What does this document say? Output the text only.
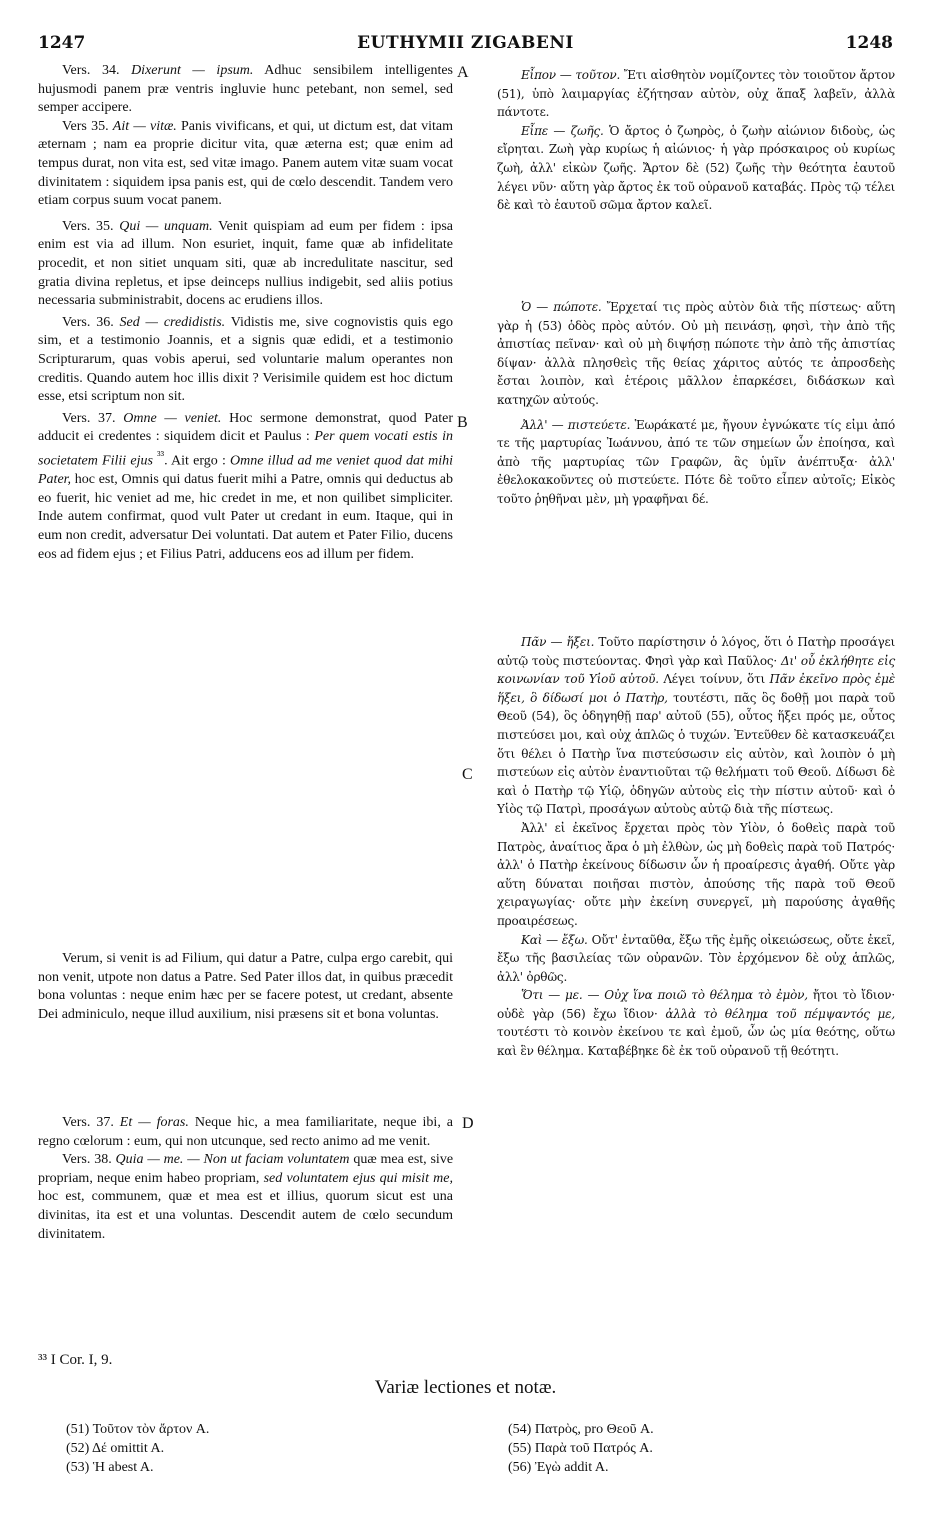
1247	EUTHYMII ZIGABENI	1248

Vers. 34. Dixerunt — ipsum. Adhuc sensibilem intelligentes hujusmodi panem præ ventris ingluvie hunc petebant, non semel, sed semper accipere.

Vers 35. Ait — vitæ. Panis vivificans, et qui, ut dictum est, dat vitam æternam ; nam ea proprie dicitur vita, quæ æterna est; quæ enim ad tempus durat, non vita est, sed vitæ imago. Panem autem vitæ suam vocat divinitatem : siquidem ipsa panis est, qui de cœlo descendit. Tandem vero etiam corpus suum vocat panem.

Vers. 35. Qui — unquam. Venit quispiam ad eum per fidem : ipsa enim est via ad illum. Non esuriet, inquit, fame quæ ab infidelitate procedit, et non sitiet unquam siti, quæ ab incredulitate nascitur, sed gratia divina repletus, et ipse deinceps nullius indigebit, sed aliis potius necessaria subministrabit, docens ac erudiens illos.

Vers. 36. Sed — credidistis. Vidistis me, sive cognovistis quis ego sim, et a testimonio Joannis, et a signis quæ edidi, et a testimonio Scripturarum, quas vobis aperui, sed voluntarie malum operantes non creditis. Quando autem hoc illis dixit ? Verisimile quidem est hoc dictum esse, etsi scriptum non sit.

Vers. 37. Omne — veniet. Hoc sermone demonstrat, quod Pater adducit ei credentes : siquidem dicit et Paulus : Per quem vocati estis in societatem Filii ejus $^{^{33}}$. Ait ergo : Omne illud ad me veniet quod dat mihi Pater, hoc est, Omnis qui datus fuerit mihi a Patre, omnis qui deductus ab eo fuerit, hic veniet ad me, hic credet in me, et non quilibet simpliciter. Inde autem confirmat, quod vult Pater ut credant in eum. Itaque, qui in eum non credit, adversatur Dei voluntati. Dat autem et Pater Filio, ducens eos ad fidem ejus ; et Filius Patri, adducens eos ad illum per fidem.

Verum, si venit is ad Filium, qui datur a Patre, culpa ergo carebit, qui non venit, utpote non datus a Patre. Sed Pater illos dat, in quibus præcedit bona voluntas : neque enim hæc per se facere potest, ut credant, absente Dei adminiculo, neque illud auxilium, nisi præsens sit et bona voluntas.

Vers. 37. Et — foras. Neque hic, a mea familiaritate, neque ibi, a regno cœlorum : eum, qui non utcunque, sed recto animo ad me venit.

Vers. 38. Quia — me. — Non ut faciam voluntatem quæ mea est, sive propriam, neque enim habeo propriam, sed voluntatem ejus qui misit me, hoc est, communem, quæ et mea est et illius, quorum sicut est una divinitas, ita est et una voluntas. Descendit autem de cœlo secundum divinitatem.

Εἶπον — τοῦτον. Ἔτι αἰσθητὸν νομίζοντες τὸν τοιοῦτον ἄρτον (51), ὑπὸ λαιμαργίας ἐζήτησαν αὐτὸν, οὐχ ἅπαξ λαβεῖν, ἀλλὰ πάντοτε.

Εἶπε — ζωῆς. Ὁ ἄρτος ὁ ζωηρὸς, ὁ ζωὴν αἰώνιον διδοὺς, ὡς εἴρηται. Ζωὴ γὰρ κυρίως ἡ αἰώνιος· ἡ γὰρ πρόσκαιρος οὐ κυρίως ζωὴ, ἀλλ' εἰκὼν ζωῆς. Ἄρτον δὲ (52) ζωῆς τὴν θεότητα ἑαυτοῦ λέγει νῦν· αὕτη γὰρ ἄρτος ἐκ τοῦ οὐρανοῦ καταβάς. Πρὸς τῷ τέλει δὲ καὶ τὸ ἑαυτοῦ σῶμα ἄρτον καλεῖ.

Ὁ — πώποτε. Ἔρχεταί τις πρὸς αὐτὸν διὰ τῆς πίστεως· αὕτη γὰρ ἡ (53) ὁδὸς πρὸς αὐτόν. Οὐ μὴ πεινάσῃ, φησὶ, τὴν ἀπὸ τῆς ἀπιστίας πεῖναν· καὶ οὐ μὴ διψήσῃ πώποτε τὴν ἀπὸ τῆς ἀπιστίας δίψαν· ἀλλὰ πλησθεὶς τῆς θείας χάριτος αὐτός τε ἀπροσδεὴς ἔσται λοιπὸν, καὶ ἑτέροις μᾶλλον ἐπαρκέσει, διδάσκων καὶ κατηχῶν αὐτούς.

Ἀλλ' — πιστεύετε. Ἑωράκατέ με, ἤγουν ἐγνώκατε τίς εἰμι ἀπό τε τῆς μαρτυρίας Ἰωάννου, ἀπό τε τῶν σημείων ὧν ἐποίησα, καὶ ἀπὸ τῆς μαρτυρίας τῶν Γραφῶν, ἃς ὑμῖν ἀνέπτυξα· ἀλλ' ἐθελοκακοῦντες οὐ πιστεύετε. Πότε δὲ τοῦτο εἶπεν αὐτοῖς; Εἰκὸς τοῦτο ῥηθῆναι μὲν, μὴ γραφῆναι δέ.

Πᾶν — ἥξει. Τοῦτο παρίστησιν ὁ λόγος, ὅτι ὁ Πατὴρ προσάγει αὐτῷ τοὺς πιστεύοντας. Φησὶ γὰρ καὶ Παῦλος· Δι' οὗ ἐκλήθητε εἰς κοινωνίαν τοῦ Υἱοῦ αὐτοῦ. Λέγει τοίνυν, ὅτι Πᾶν ἐκεῖνο πρὸς ἐμὲ ἥξει, ὃ δίδωσί μοι ὁ Πατὴρ, τουτέστι, πᾶς ὃς δοθῇ μοι παρὰ τοῦ Θεοῦ (54), ὃς ὁδηγηθῇ παρ' αὐτοῦ (55), οὗτος ἥξει πρός με, οὗτος πιστεύσει μοι, καὶ οὐχ ἁπλῶς ὁ τυχών. Ἐντεῦθεν δὲ κατασκευάζει ὅτι θέλει ὁ Πατὴρ ἵνα πιστεύσωσιν εἰς αὐτὸν, καὶ λοιπὸν ὁ μὴ πιστεύων εἰς αὐτὸν ἐναντιοῦται τῷ θελήματι τοῦ Θεοῦ. Δίδωσι δὲ καὶ ὁ Πατὴρ τῷ Υἱῷ, ὁδηγῶν αὐτοὺς εἰς τὴν πίστιν αὐτοῦ· καὶ ὁ Υἱὸς τῷ Πατρὶ, προσάγων αὐτοὺς αὐτῷ διὰ τῆς πίστεως.

Ἀλλ' εἰ ἐκεῖνος ἔρχεται πρὸς τὸν Υἱὸν, ὁ δοθεὶς παρὰ τοῦ Πατρὸς, ἀναίτιος ἄρα ὁ μὴ ἐλθὼν, ὡς μὴ δοθεὶς παρὰ τοῦ Πατρός· ἀλλ' ὁ Πατὴρ ἐκείνους δίδωσιν ὧν ἡ προαίρεσις ἀγαθή. Οὔτε γὰρ αὕτη δύναται ποιῆσαι πιστὸν, ἀπούσης τῆς παρὰ τοῦ Θεοῦ χειραγωγίας· οὔτε μὴν ἐκείνη συνεργεῖ, μὴ παρούσης ἀγαθῆς προαιρέσεως.

Καὶ — ἔξω. Οὔτ' ἐνταῦθα, ἔξω τῆς ἐμῆς οἰκειώσεως, οὔτε ἐκεῖ, ἔξω τῆς βασιλείας τῶν οὐρανῶν. Τὸν ἐρχόμενον δὲ οὐχ ἁπλῶς, ἀλλ' ὀρθῶς.

Ὅτι — με. — Οὐχ ἵνα ποιῶ τὸ θέλημα τὸ ἐμὸν, ἤτοι τὸ ἴδιον· οὐδὲ γὰρ (56) ἔχω ἴδιον· ἀλλὰ τὸ θέλημα τοῦ πέμψαντός με, τουτέστι τὸ κοινὸν ἐκείνου τε καὶ ἐμοῦ, ὧν ὡς μία θεότης, οὕτω καὶ ἓν θέλημα. Καταβέβηκε δὲ ἐκ τοῦ οὐρανοῦ τῇ θεότητι.

A
B
C
D
³³ I Cor. I, 9.
Variæ lectiones et notæ.
(51) Τοῦτον τὸν ἄρτον A.
(52) Δέ omittit A.
(53) Ἡ abest A.
(54) Πατρὸς, pro Θεοῦ A.
(55) Παρὰ τοῦ Πατρός A.
(56) Ἐγὼ addit A.
